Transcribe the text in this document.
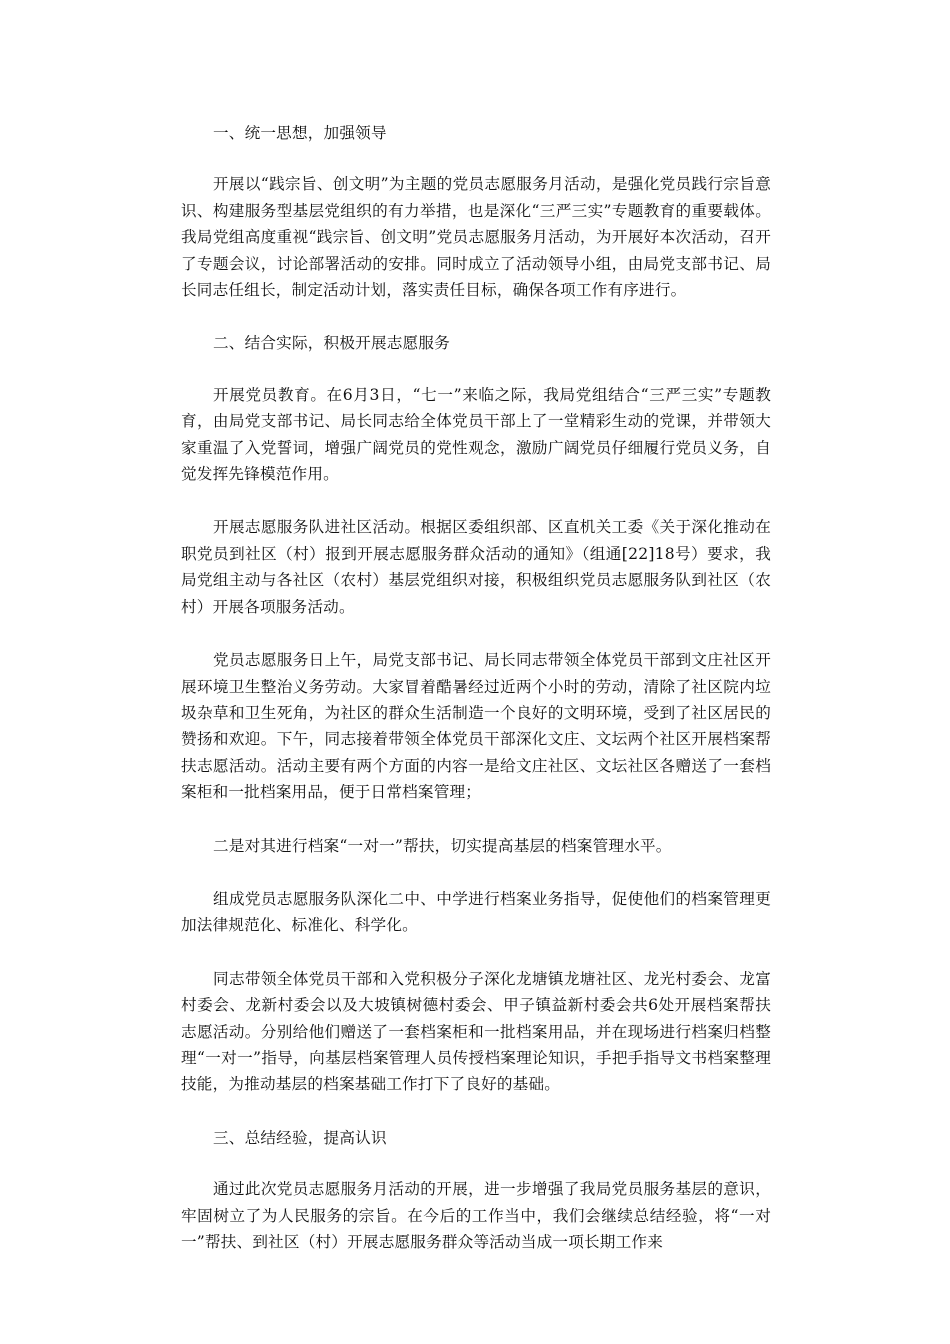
一、统一思想，加强领导

开展以“践宗旨、创文明”为主题的党员志愿服务月活动，是强化党员践行宗旨意识、构建服务型基层党组织的有力举措，也是深化“三严三实”专题教育的重要载体。我局党组高度重视“践宗旨、创文明”党员志愿服务月活动，为开展好本次活动，召开了专题会议，讨论部署活动的安排。同时成立了活动领导小组，由局党支部书记、局长同志任组长，制定活动计划，落实责任目标，确保各项工作有序进行。

二、结合实际，积极开展志愿服务

开展党员教育。在6月3日，“七一”来临之际，我局党组结合“三严三实”专题教育，由局党支部书记、局长同志给全体党员干部上了一堂精彩生动的党课，并带领大家重温了入党誓词，增强广阔党员的党性观念，激励广阔党员仔细履行党员义务，自觉发挥先锋模范作用。

开展志愿服务队进社区活动。根据区委组织部、区直机关工委《关于深化推动在职党员到社区（村）报到开展志愿服务群众活动的通知》（组通[22]18号）要求，我局党组主动与各社区（农村）基层党组织对接，积极组织党员志愿服务队到社区（农村）开展各项服务活动。

党员志愿服务日上午，局党支部书记、局长同志带领全体党员干部到文庄社区开展环境卫生整治义务劳动。大家冒着酷暑经过近两个小时的劳动，清除了社区院内垃圾杂草和卫生死角，为社区的群众生活制造一个良好的文明环境，受到了社区居民的赞扬和欢迎。下午，同志接着带领全体党员干部深化文庄、文坛两个社区开展档案帮扶志愿活动。活动主要有两个方面的内容一是给文庄社区、文坛社区各赠送了一套档案柜和一批档案用品，便于日常档案管理；

二是对其进行档案“一对一”帮扶，切实提高基层的档案管理水平。

组成党员志愿服务队深化二中、中学进行档案业务指导，促使他们的档案管理更加法律规范化、标准化、科学化。

同志带领全体党员干部和入党积极分子深化龙塘镇龙塘社区、龙光村委会、龙富村委会、龙新村委会以及大坡镇树德村委会、甲子镇益新村委会共6处开展档案帮扶志愿活动。分别给他们赠送了一套档案柜和一批档案用品，并在现场进行档案归档整理“一对一”指导，向基层档案管理人员传授档案理论知识，手把手指导文书档案整理技能，为推动基层的档案基础工作打下了良好的基础。

三、总结经验，提高认识

通过此次党员志愿服务月活动的开展，进一步增强了我局党员服务基层的意识，牢固树立了为人民服务的宗旨。在今后的工作当中，我们会继续总结经验，将“一对一”帮扶、到社区（村）开展志愿服务群众等活动当成一项长期工作来
